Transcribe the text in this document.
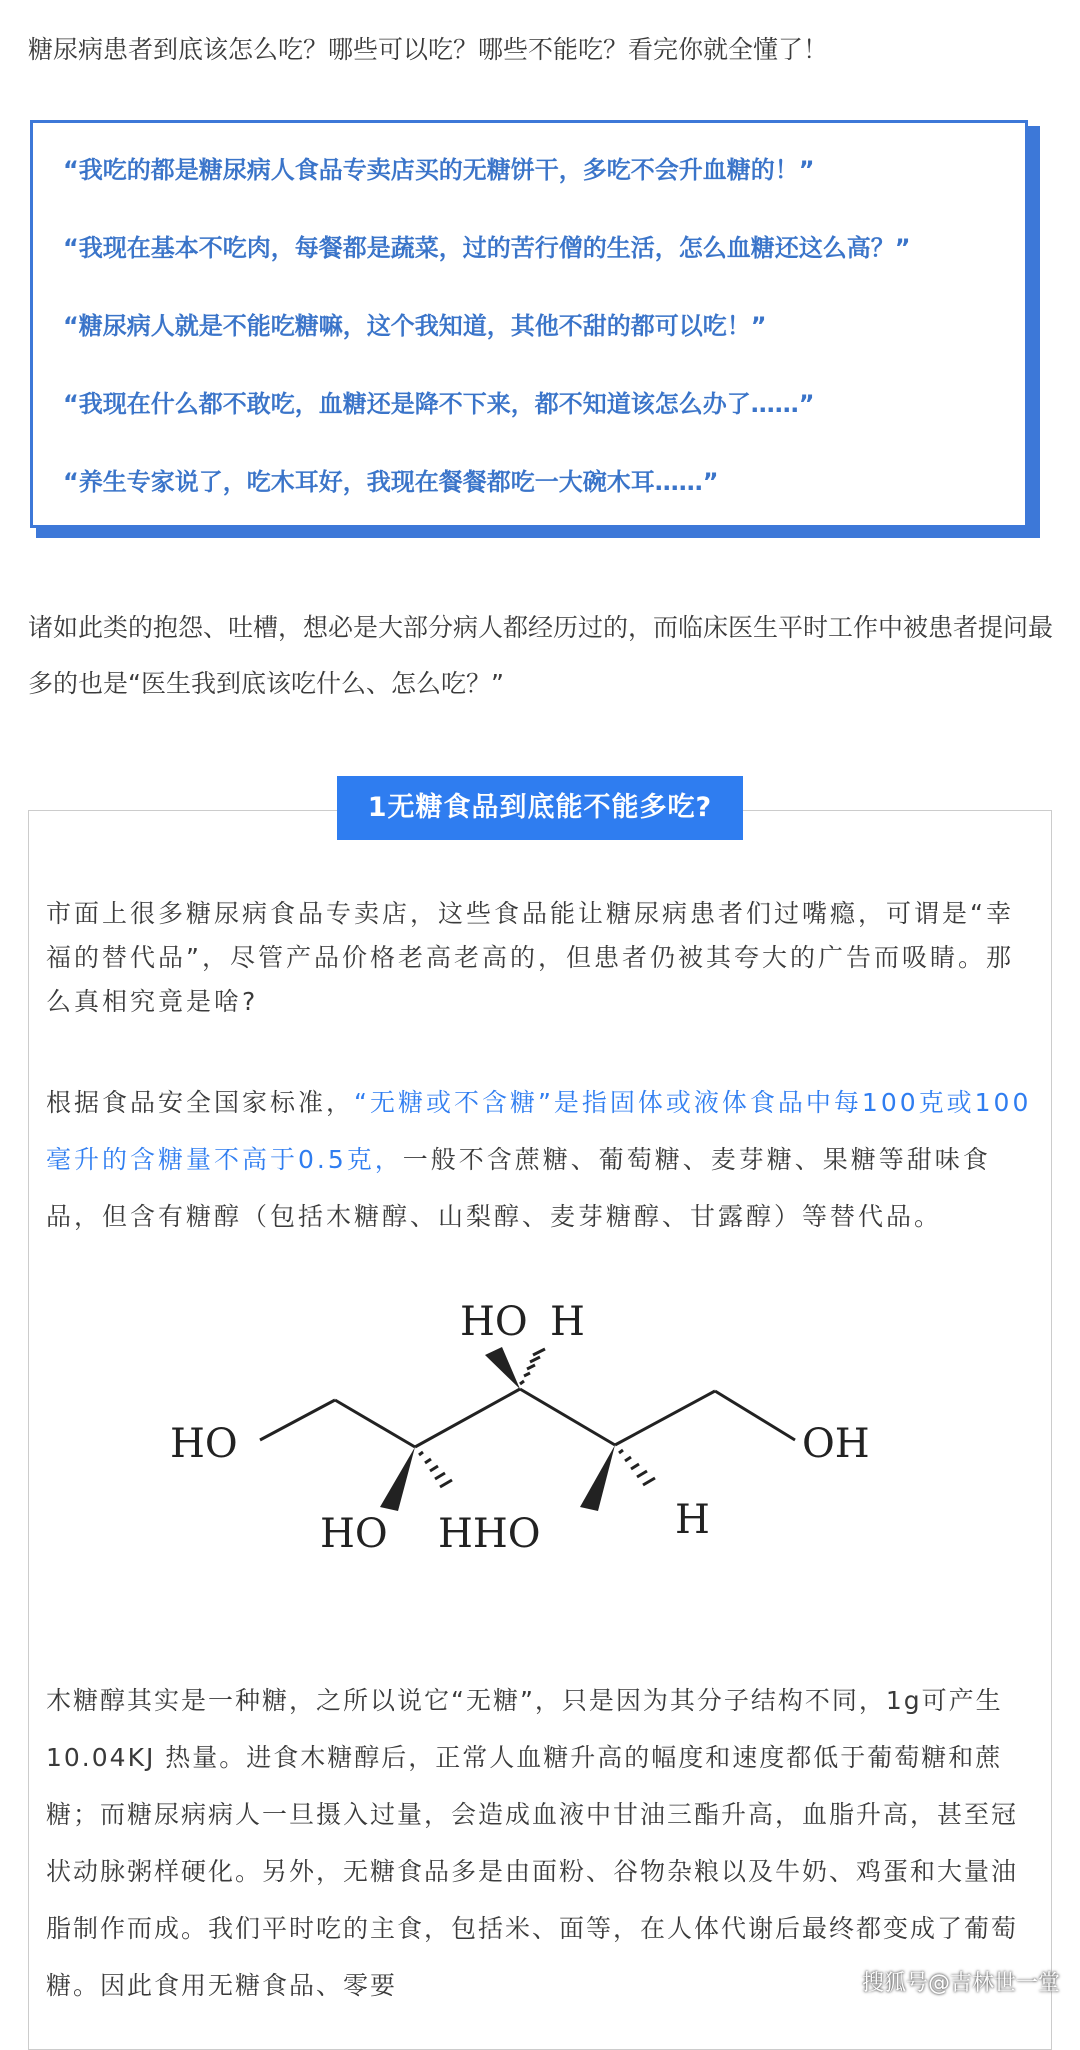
糖尿病患者到底该怎么吃？哪些可以吃？哪些不能吃？看完你就全懂了！
“我吃的都是糖尿病人食品专卖店买的无糖饼干，多吃不会升血糖的！”
“我现在基本不吃肉，每餐都是蔬菜，过的苦行僧的生活，怎么血糖还这么高？”
“糖尿病人就是不能吃糖嘛，这个我知道，其他不甜的都可以吃！”
“我现在什么都不敢吃，血糖还是降不下来，都不知道该怎么办了……”
“养生专家说了，吃木耳好，我现在餐餐都吃一大碗木耳……”
诸如此类的抱怨、吐槽，想必是大部分病人都经历过的，而临床医生平时工作中被患者提问最多的也是“医生我到底该吃什么、怎么吃？”
1无糖食品到底能不能多吃?
市面上很多糖尿病食品专卖店，这些食品能让糖尿病患者们过嘴瘾，可谓是“幸福的替代品”，尽管产品价格老高老高的，但患者仍被其夸大的广告而吸睛。那么真相究竟是啥?
根据食品安全国家标准，“无糖或不含糖”是指固体或液体食品中每100克或100毫升的含糖量不高于0.5克，一般不含蔗糖、葡萄糖、麦芽糖、果糖等甜味食品，但含有糖醇（包括木糖醇、山梨醇、麦芽糖醇、甘露醇）等替代品。
HO H
HO	OH
HO HHO	H
木糖醇其实是一种糖，之所以说它“无糖”，只是因为其分子结构不同，1g可产生10.04KJ 热量。进食木糖醇后，正常人血糖升高的幅度和速度都低于葡萄糖和蔗糖；而糖尿病病人一旦摄入过量，会造成血液中甘油三酯升高，血脂升高，甚至冠状动脉粥样硬化。另外，无糖食品多是由面粉、谷物杂粮以及牛奶、鸡蛋和大量油脂制作而成。我们平时吃的主食，包括米、面等，在人体代谢后最终都变成了葡萄糖。因此食用无糖食品、零要	搜狐号@吉林世一堂
